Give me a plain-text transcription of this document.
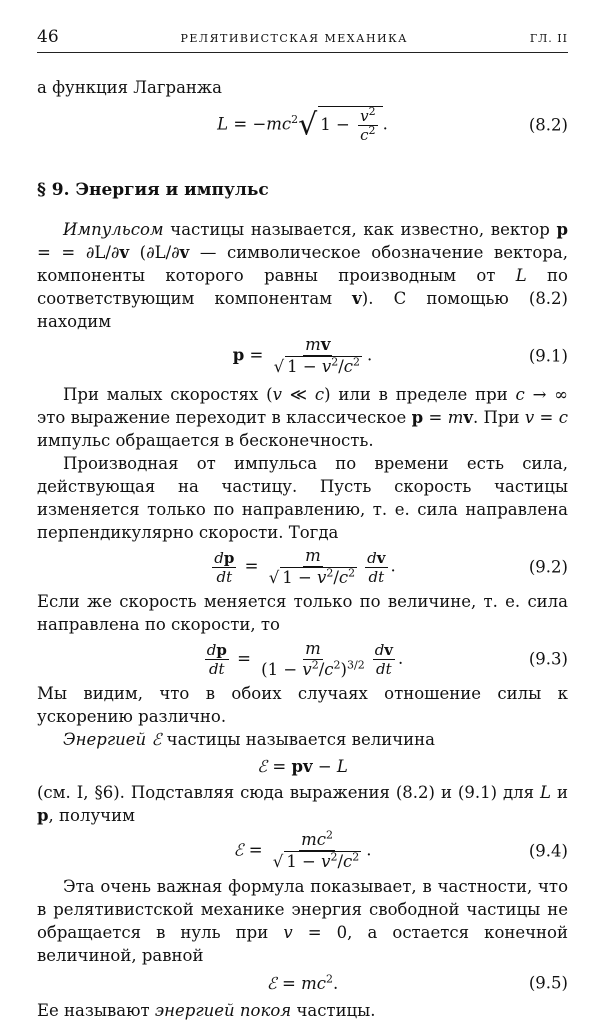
46	РЕЛЯТИВИСТСКАЯ МЕХАНИКА	ГЛ. II

а функция Лагранжа

$L = -mc^2√$ $1 - \frac{v^2}{c^2}$ .	(8.2)

§ 9. Энергия и импульс

Импульсом частицы называется, как известно, вектор p = = ∂L/∂v (∂L/∂v — символическое обозначение вектора, компоненты которого равны производным от L по соответствующим компонентам v). С помощью (8.2) находим

$p = \frac{mv}{√ 1 - v^2/c^2}$ .	(9.1)

При малых скоростях (v ≪ c) или в пределе при c → ∞ это выражение переходит в классическое p = mv. При v = c импульс обращается в бесконечность.

Производная от импульса по времени есть сила, действующая на частицу. Пусть скорость частицы изменяется только по направлению, т. е. сила направлена перпендикулярно скорости. Тогда

$\frac{dp}{dt} = \frac{m}{√ 1 - v^2/c^2} \frac{dv}{dt}$ .	(9.2)

Если же скорость меняется только по величине, т. е. сила направлена по скорости, то

$\frac{dp}{dt} = \frac{m}{(1 - v^2/c^2)^{3/2}} \frac{dv}{dt}$ .	(9.3)

Мы видим, что в обоих случаях отношение силы к ускорению различно.

Энергией ℰ частицы называется величина

ℰ = pv − L

(см. I, §6). Подставляя сюда выражения (8.2) и (9.1) для L и p, получим

ℰ = $\frac{mc^2}{√ 1 - v^2/c^2}$ .	(9.4)

Эта очень важная формула показывает, в частности, что в релятивистской механике энергия свободной частицы не обращается в нуль при v = 0, а остается конечной величиной, равной

ℰ = $mc^2$.	(9.5)

Ее называют энергией покоя частицы.
